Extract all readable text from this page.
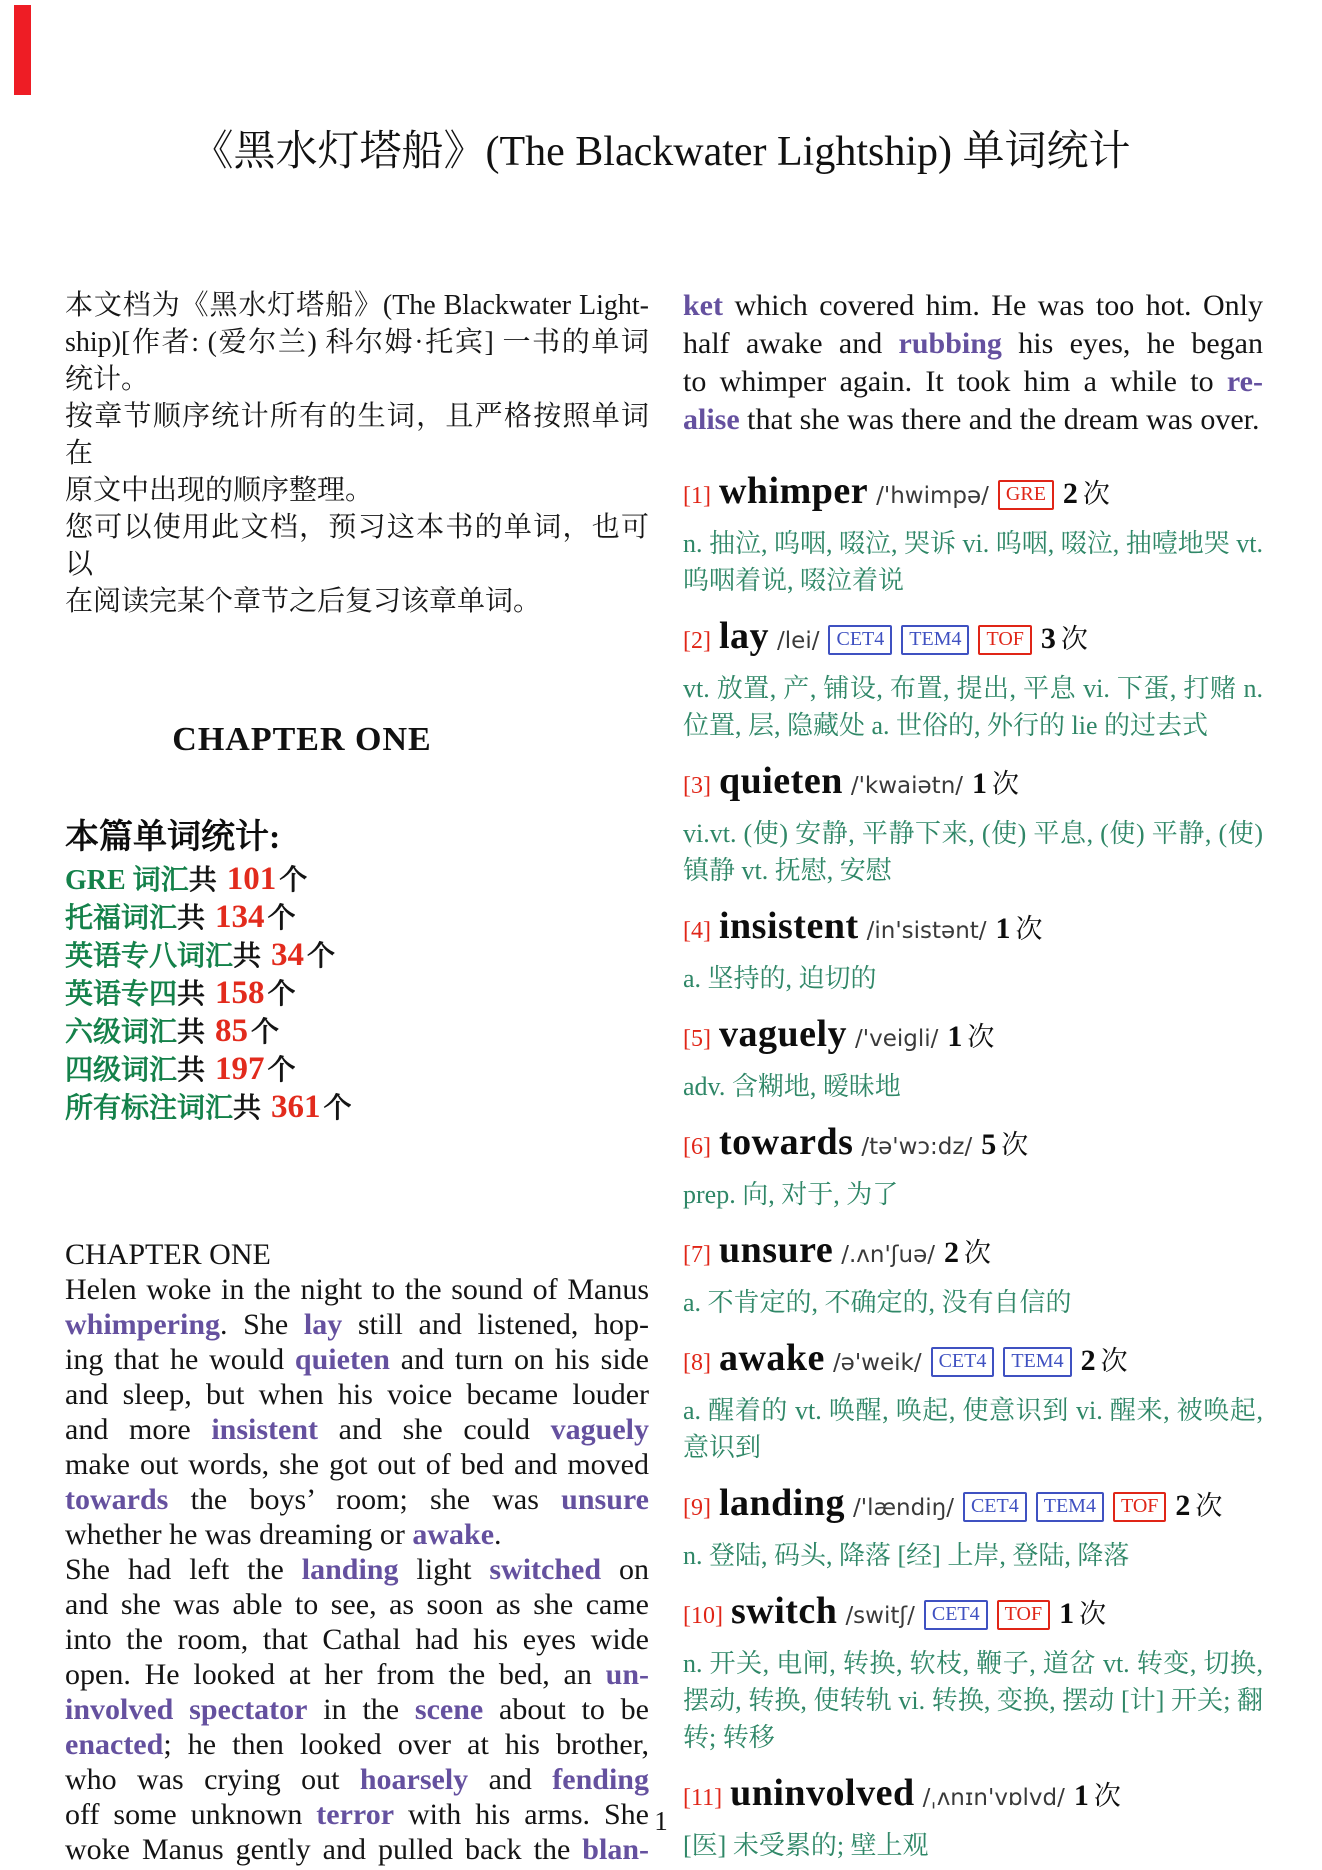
《黑水灯塔船》(The Blackwater Lightship) 单词统计
本文档为《黑水灯塔船》(The Blackwater Light-
ship)[作者: (爱尔兰) 科尔姆·托宾] 一书的单词
统计。
按章节顺序统计所有的生词，且严格按照单词在
原文中出现的顺序整理。
您可以使用此文档，预习这本书的单词，也可以
在阅读完某个章节之后复习该章单词。
CHAPTER ONE
本篇单词统计:
GRE 词汇共 101 个
托福词汇共 134 个
英语专八词汇共 34 个
英语专四共 158 个
六级词汇共 85 个
四级词汇共 197 个
所有标注词汇共 361 个
CHAPTER ONE
Helen woke in the night to the sound of Manus
whimpering. She lay still and listened, hop-
ing that he would quieten and turn on his side
and sleep, but when his voice became louder
and more insistent and she could vaguely
make out words, she got out of bed and moved
towards the boys’ room; she was unsure
whether he was dreaming or awake.
She had left the landing light switched on
and she was able to see, as soon as she came
into the room, that Cathal had his eyes wide
open. He looked at her from the bed, an un-
involved spectator in the scene about to be
enacted; he then looked over at his brother,
who was crying out hoarsely and fending
off some unknown terror with his arms. She
woke Manus gently and pulled back the blan-
ket which covered him. He was too hot. Only
half awake and rubbing his eyes, he began
to whimper again. It took him a while to re-
alise that she was there and the dream was over.
[1] whimper /'hwimpə/ GRE 2 次
n. 抽泣, 呜咽, 啜泣, 哭诉 vi. 呜咽, 啜泣, 抽噎地哭 vt. 呜咽着说, 啜泣着说
[2] lay /lei/ CET4 TEM4 TOF 3 次
vt. 放置, 产, 铺设, 布置, 提出, 平息 vi. 下蛋, 打赌 n. 位置, 层, 隐藏处 a. 世俗的, 外行的 lie 的过去式
[3] quieten /'kwaiətn/ 1 次
vi.vt. (使) 安静, 平静下来, (使) 平息, (使) 平静, (使) 镇静 vt. 抚慰, 安慰
[4] insistent /in'sistənt/ 1 次
a. 坚持的, 迫切的
[5] vaguely /'veigli/ 1 次
adv. 含糊地, 暧昧地
[6] towards /tə'wɔ:dz/ 5 次
prep. 向, 对于, 为了
[7] unsure /.ʌn'ʃuə/ 2 次
a. 不肯定的, 不确定的, 没有自信的
[8] awake /ə'weik/ CET4 TEM4 2 次
a. 醒着的 vt. 唤醒, 唤起, 使意识到 vi. 醒来, 被唤起, 意识到
[9] landing /'lændiŋ/ CET4 TEM4 TOF 2 次
n. 登陆, 码头, 降落 [经] 上岸, 登陆, 降落
[10] switch /switʃ/ CET4 TOF 1 次
n. 开关, 电闸, 转换, 软枝, 鞭子, 道岔 vt. 转变, 切换, 摆动, 转换, 使转轨 vi. 转换, 变换, 摆动 [计] 开关; 翻转; 转移
[11] uninvolved /ˌʌnɪn'vɒlvd/ 1 次
[医] 未受累的; 壁上观
1
